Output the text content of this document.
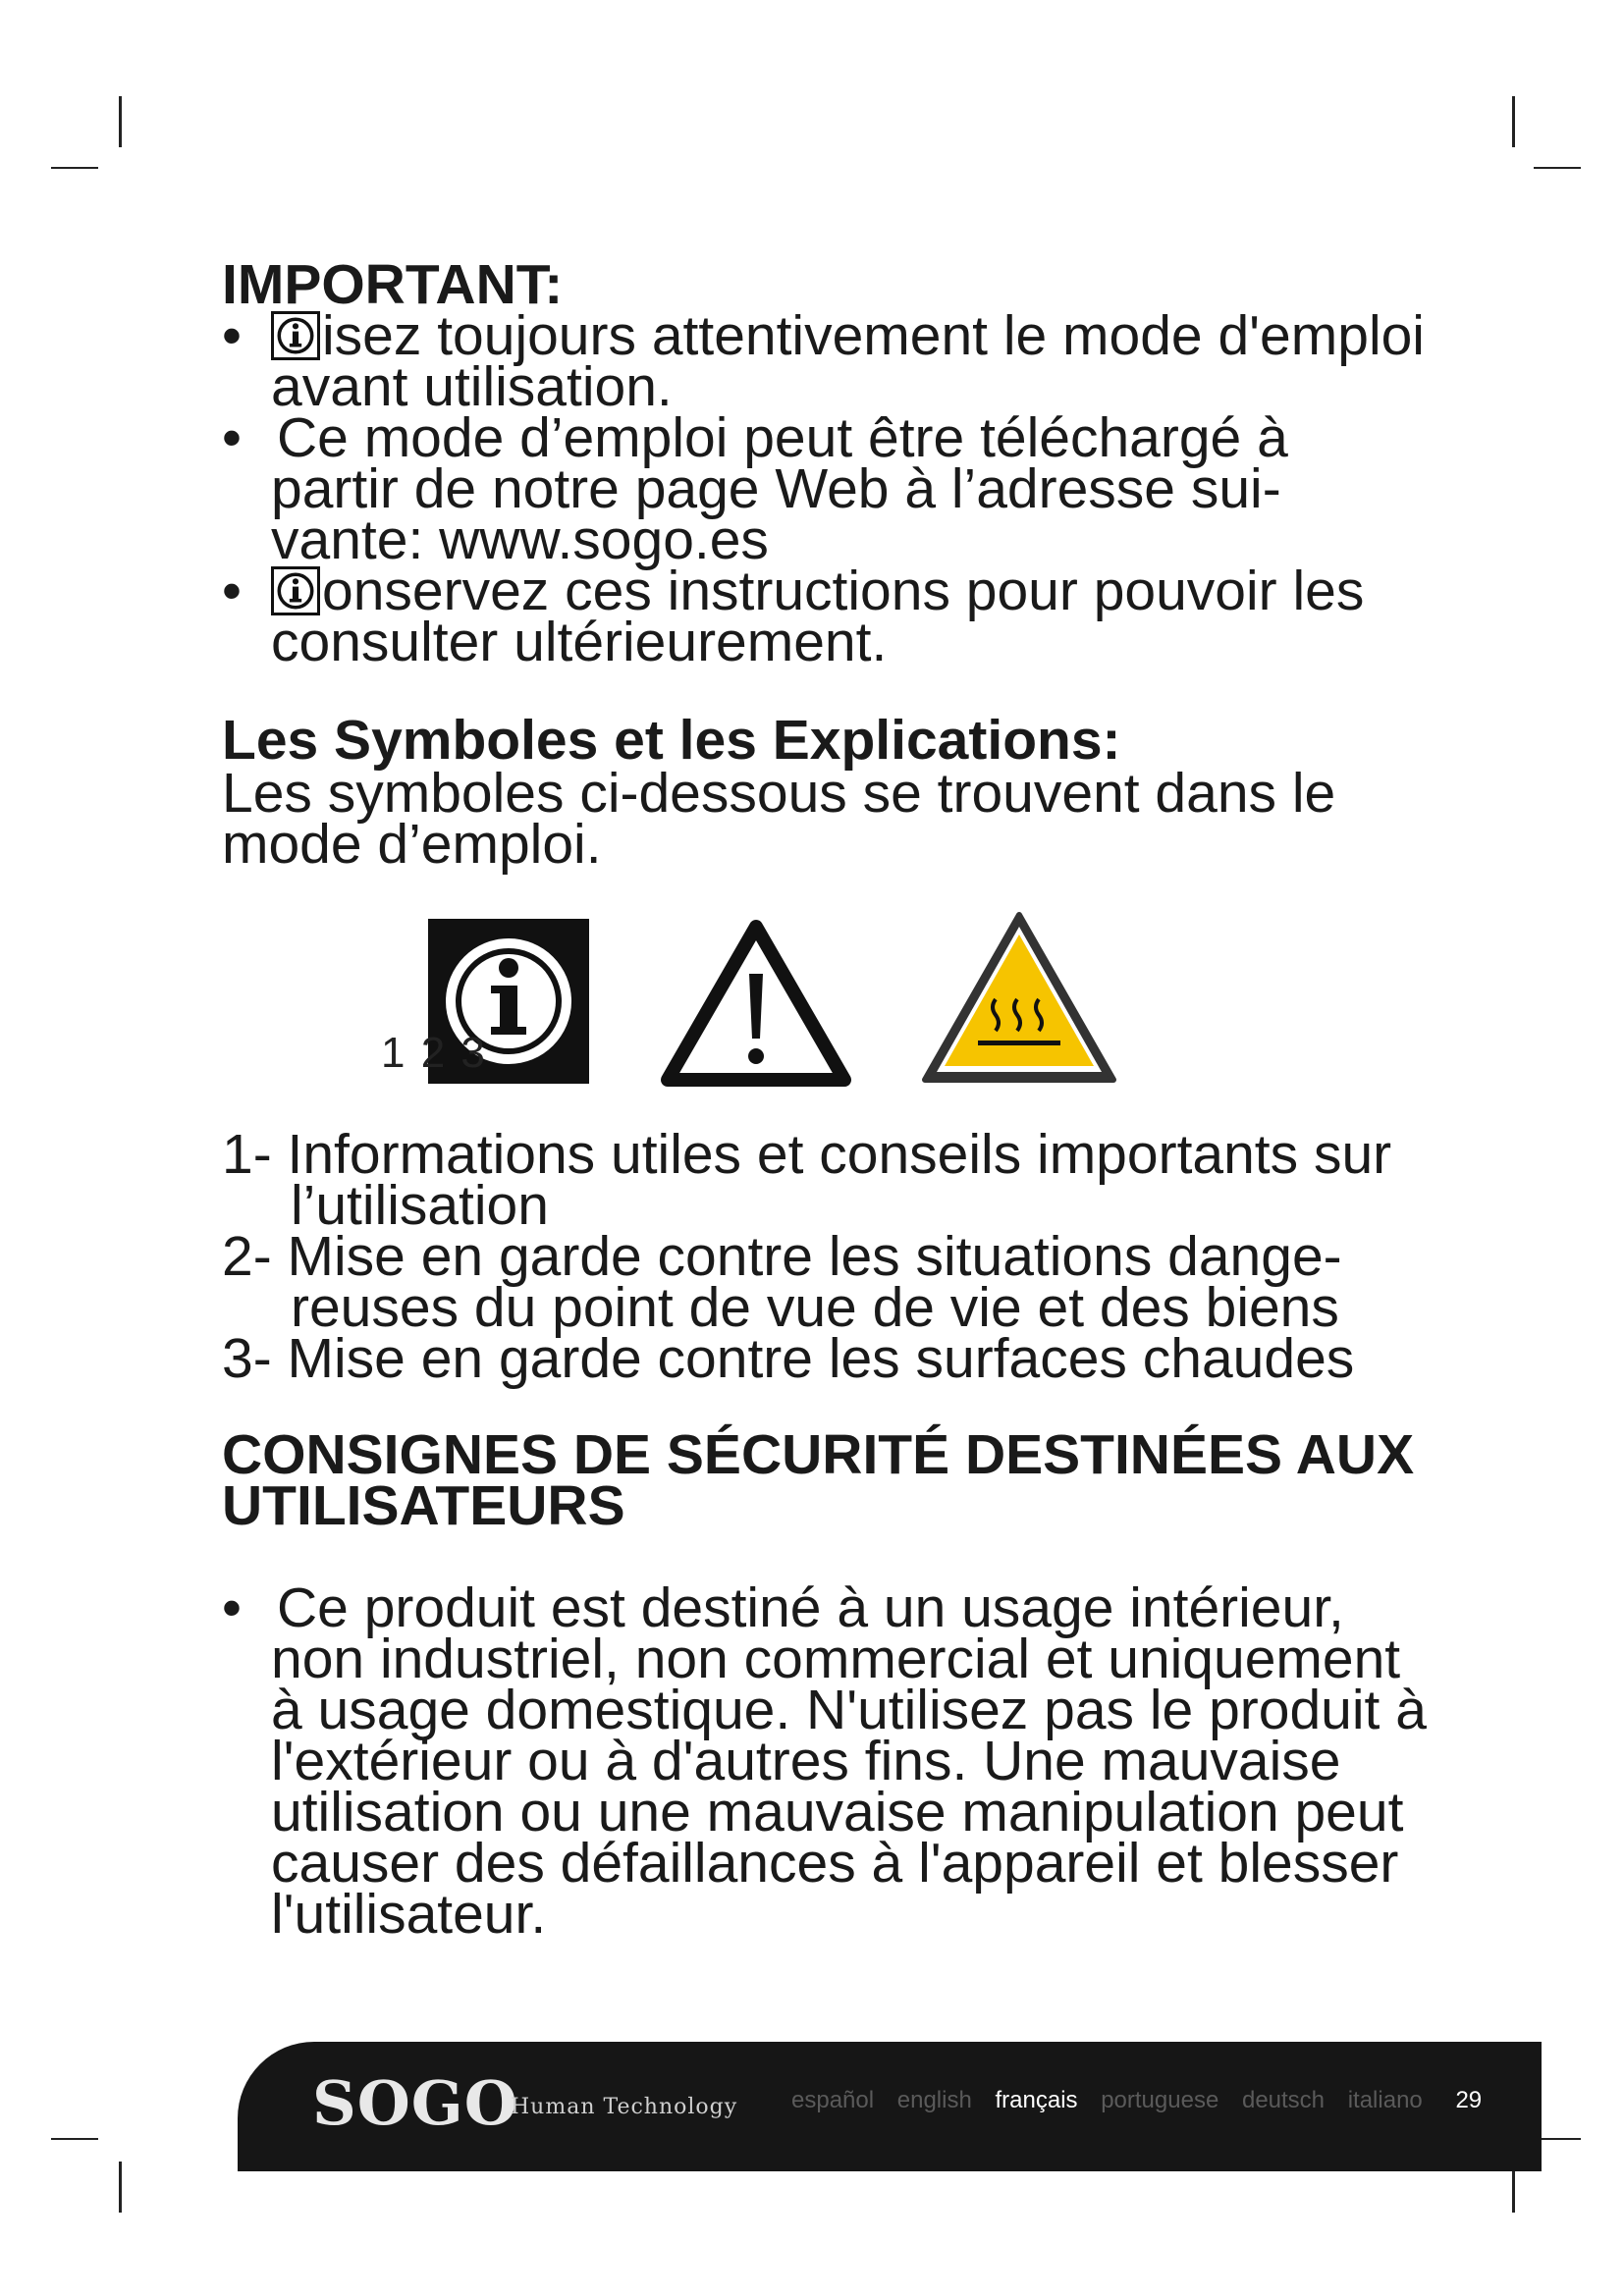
IMPORTANT:
•	isez toujours attentivement le mode d'emploi avant utilisation.
• Ce mode d’emploi peut être téléchargé à partir de notre page Web à l’adresse sui-vante: www.sogo.es
•	onservez ces instructions pour pouvoir les consulter ultérieurement.
Les Symboles et les Explications:
Les symboles ci-dessous se trouvent dans le mode d’emploi.
1 2 3
1- Informations utiles et conseils importants sur l’utilisation
2- Mise en garde contre les situations dange-reuses du point de vue de vie et des biens
3- Mise en garde contre les surfaces chaudes
CONSIGNES DE SÉCURITÉ DESTINÉES AUX UTILISATEURS
• Ce produit est destiné à un usage intérieur, non industriel, non commercial et uniquement à usage domestique. N'utilisez pas le produit à l'extérieur ou à d'autres fins. Une mauvaise utilisation ou une mauvaise manipulation peut causer des défaillances à l'appareil et blesser l'utilisateur.
SOGO
Human Technology español english français portuguese deutsch italiano 29
